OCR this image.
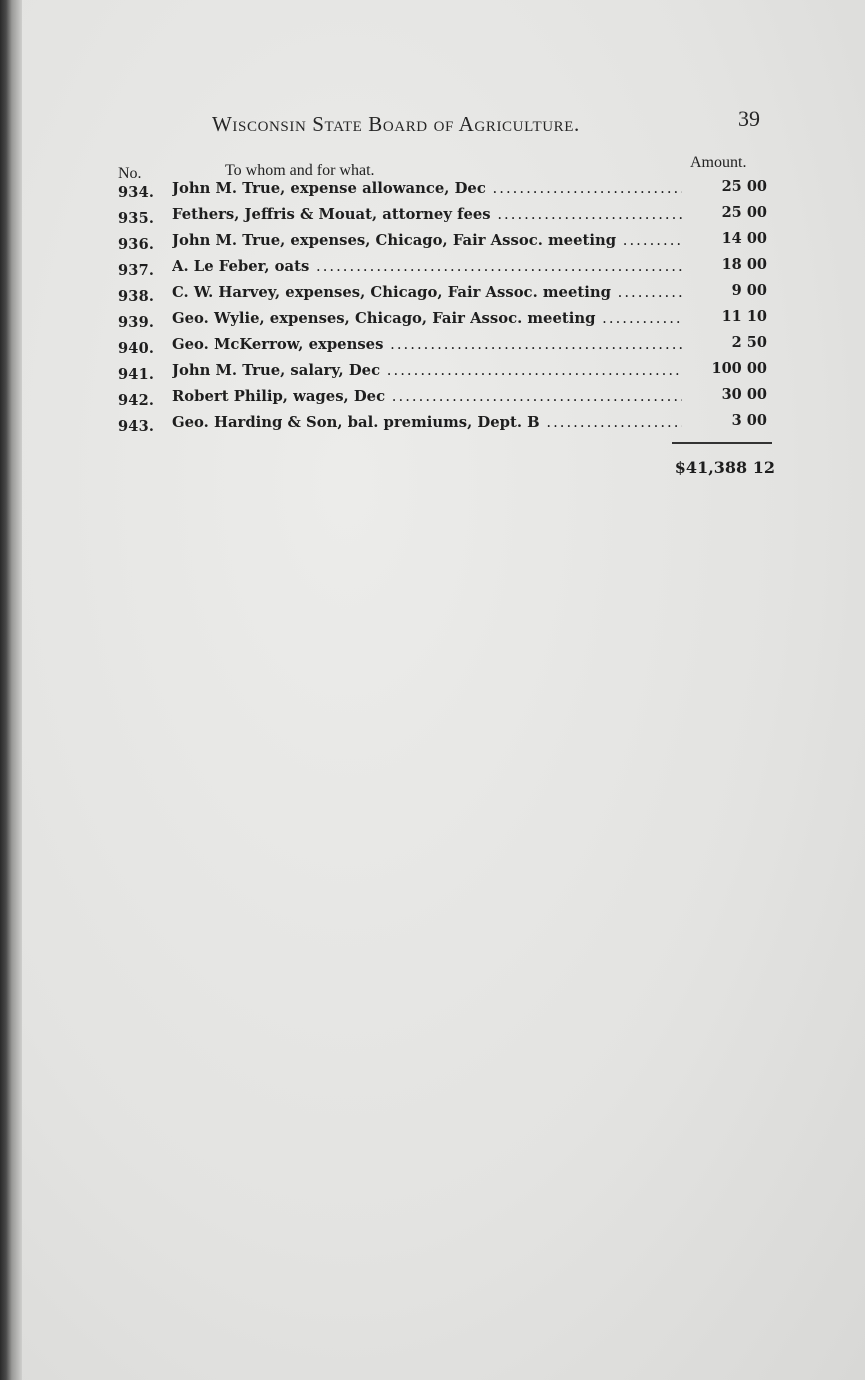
Wisconsin State Board of Agriculture.	39
No.	To whom and for what.	Amount.
934. John M. True, expense allowance, Dec .....	25 00
935. Fethers, Jeffris & Mouat, attorney fees .....	25 00
936. John M. True, expenses, Chicago, Fair Assoc. meeting .....	14 00
937. A. Le Feber, oats .....	18 00
938. C. W. Harvey, expenses, Chicago, Fair Assoc. meeting .....	9 00
939. Geo. Wylie, expenses, Chicago, Fair Assoc. meeting .....	11 10
940. Geo. McKerrow, expenses .....	2 50
941. John M. True, salary, Dec .....	100 00
942. Robert Philip, wages, Dec .....	30 00
943. Geo. Harding & Son, bal. premiums, Dept. B .....	3 00
$41,388 12
